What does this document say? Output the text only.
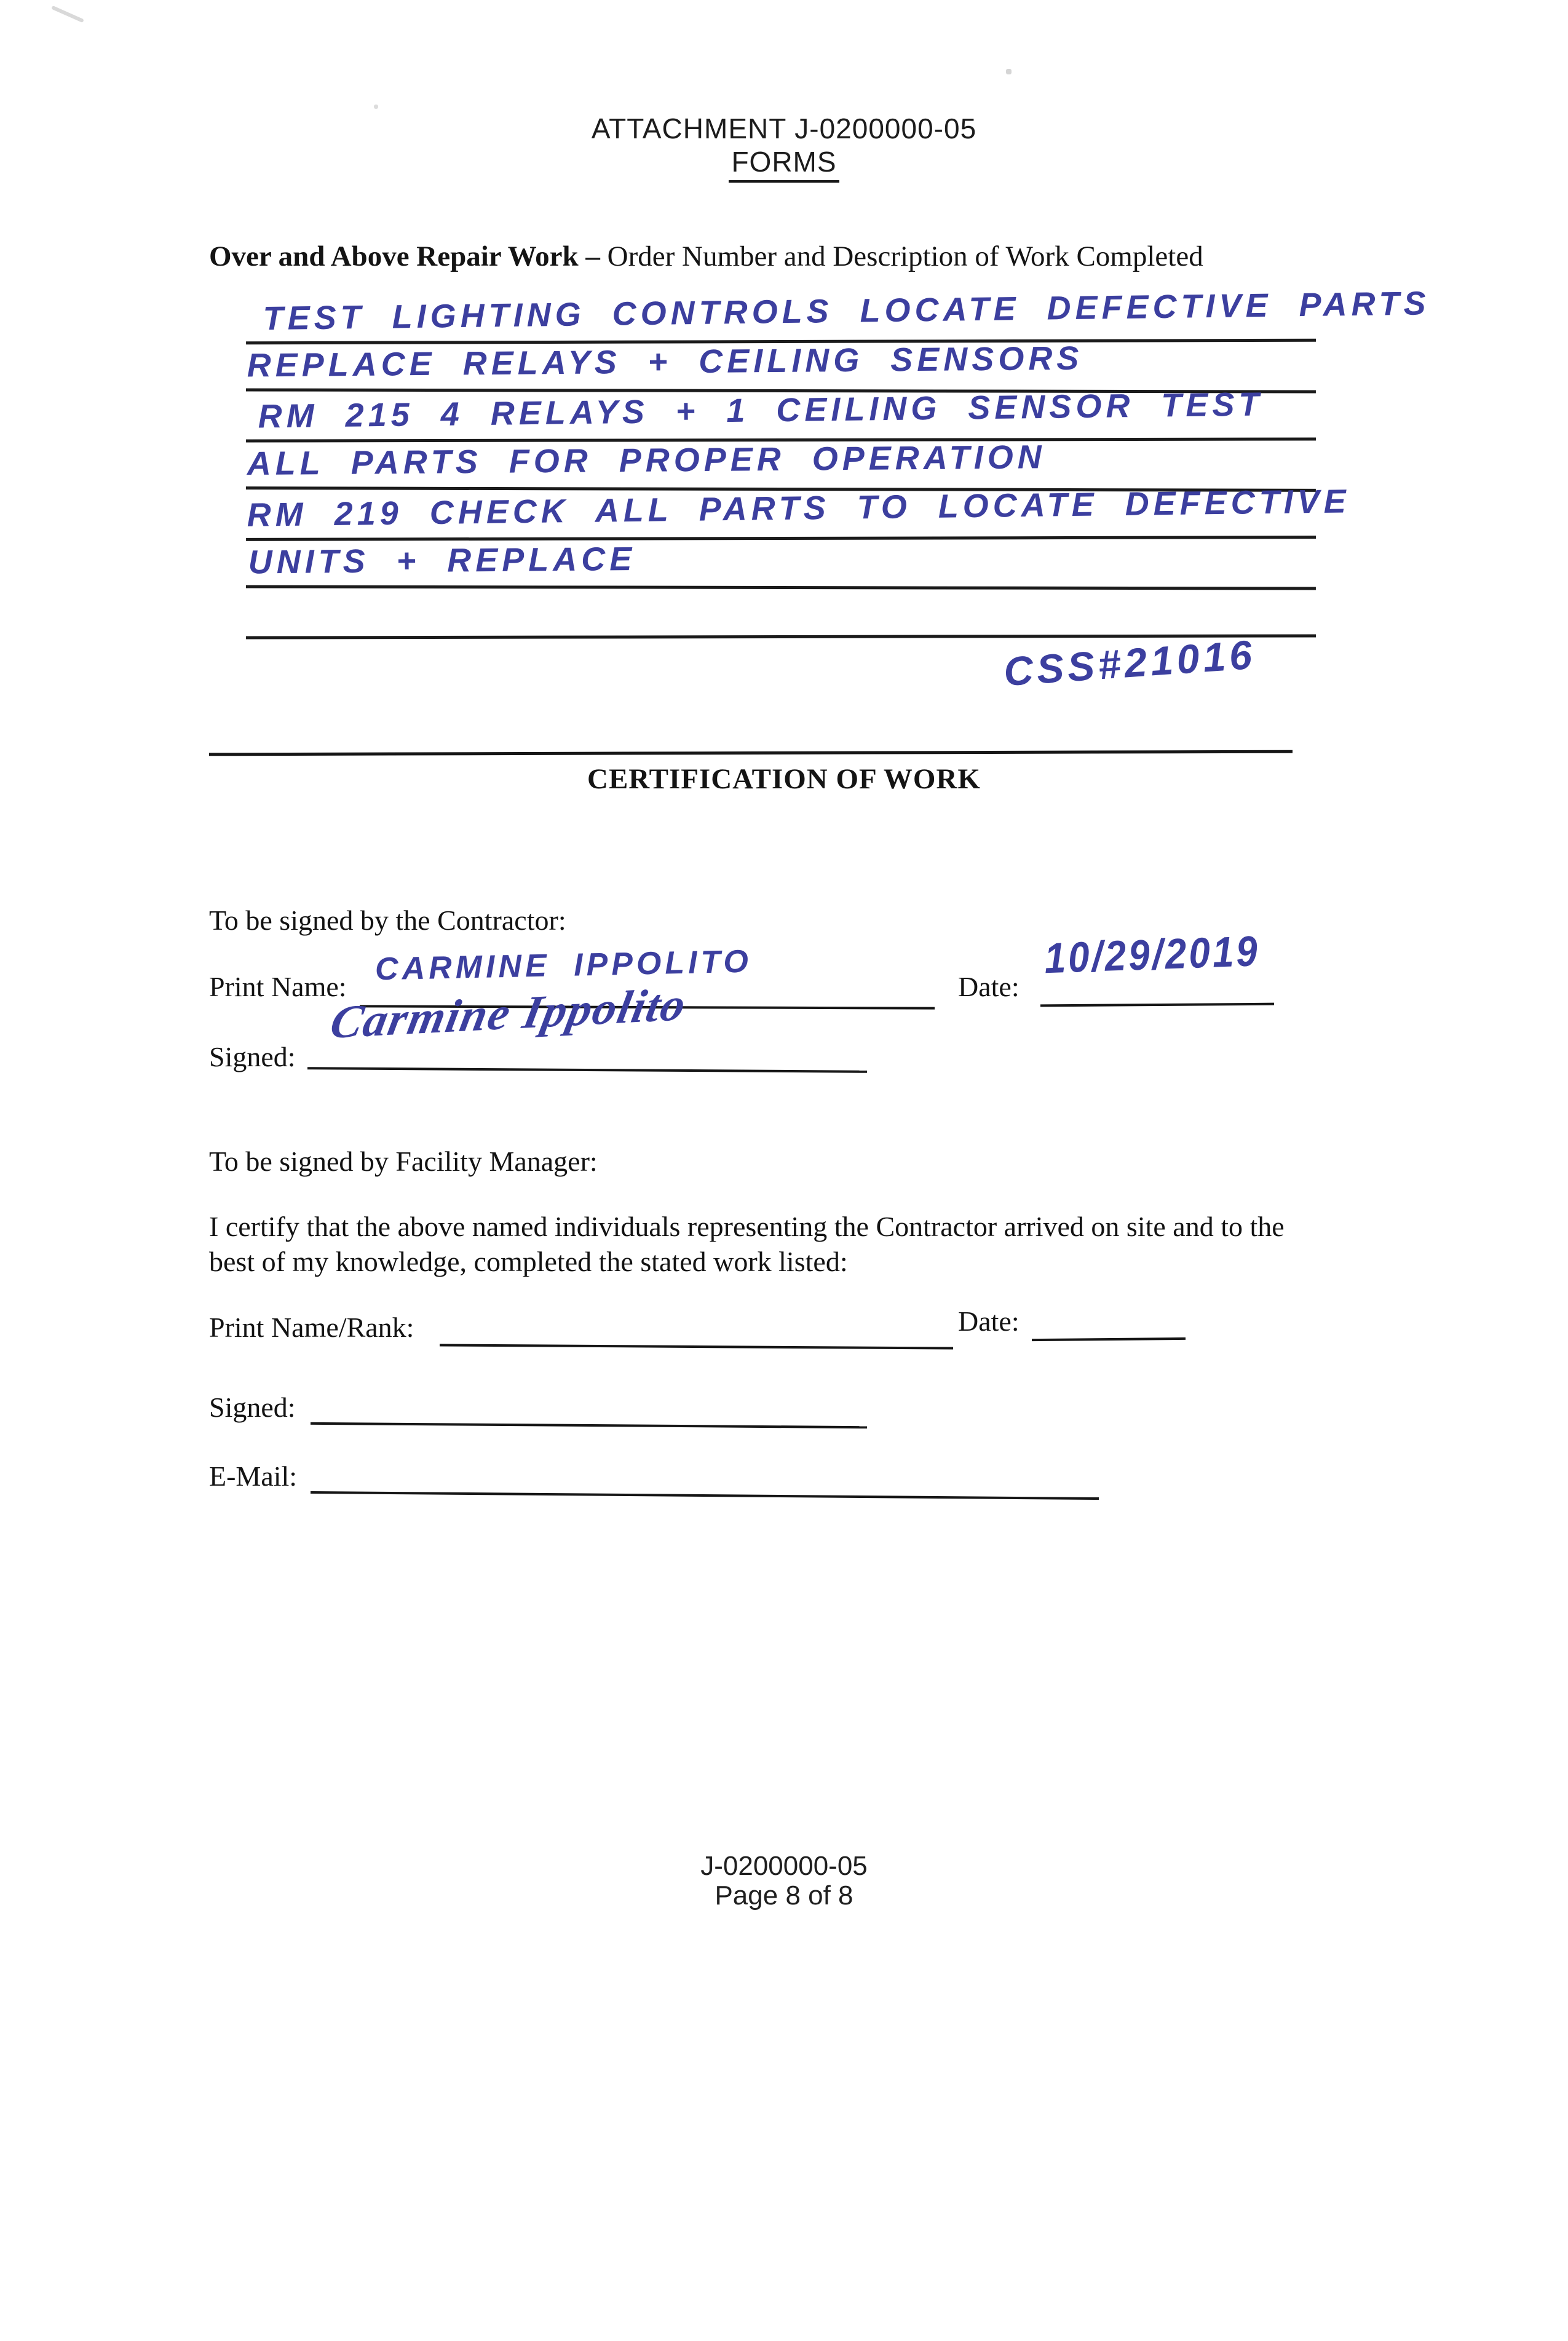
ATTACHMENT J-0200000-05
FORMS
Over and Above Repair Work – Order Number and Description of Work Completed
TEST LIGHTING CONTROLS LOCATE DEFECTIVE PARTS
REPLACE RELAYS + CEILING SENSORS
RM 215 4 RELAYS + 1 CEILING SENSOR TEST
ALL PARTS FOR PROPER OPERATION
RM 219 CHECK ALL PARTS TO LOCATE DEFECTIVE
UNITS + REPLACE
CSS#21016
CERTIFICATION OF WORK
To be signed by the Contractor:
Print Name: CARMINE IPPOLITO	Date:
10/29/2019
Signed:
Carmine Ippolito
To be signed by Facility Manager:
I certify that the above named individuals representing the Contractor arrived on site and to the
best of my knowledge, completed the stated work listed:
Print Name/Rank:	Date:
Signed:
E-Mail:
J-0200000-05
Page 8 of 8
